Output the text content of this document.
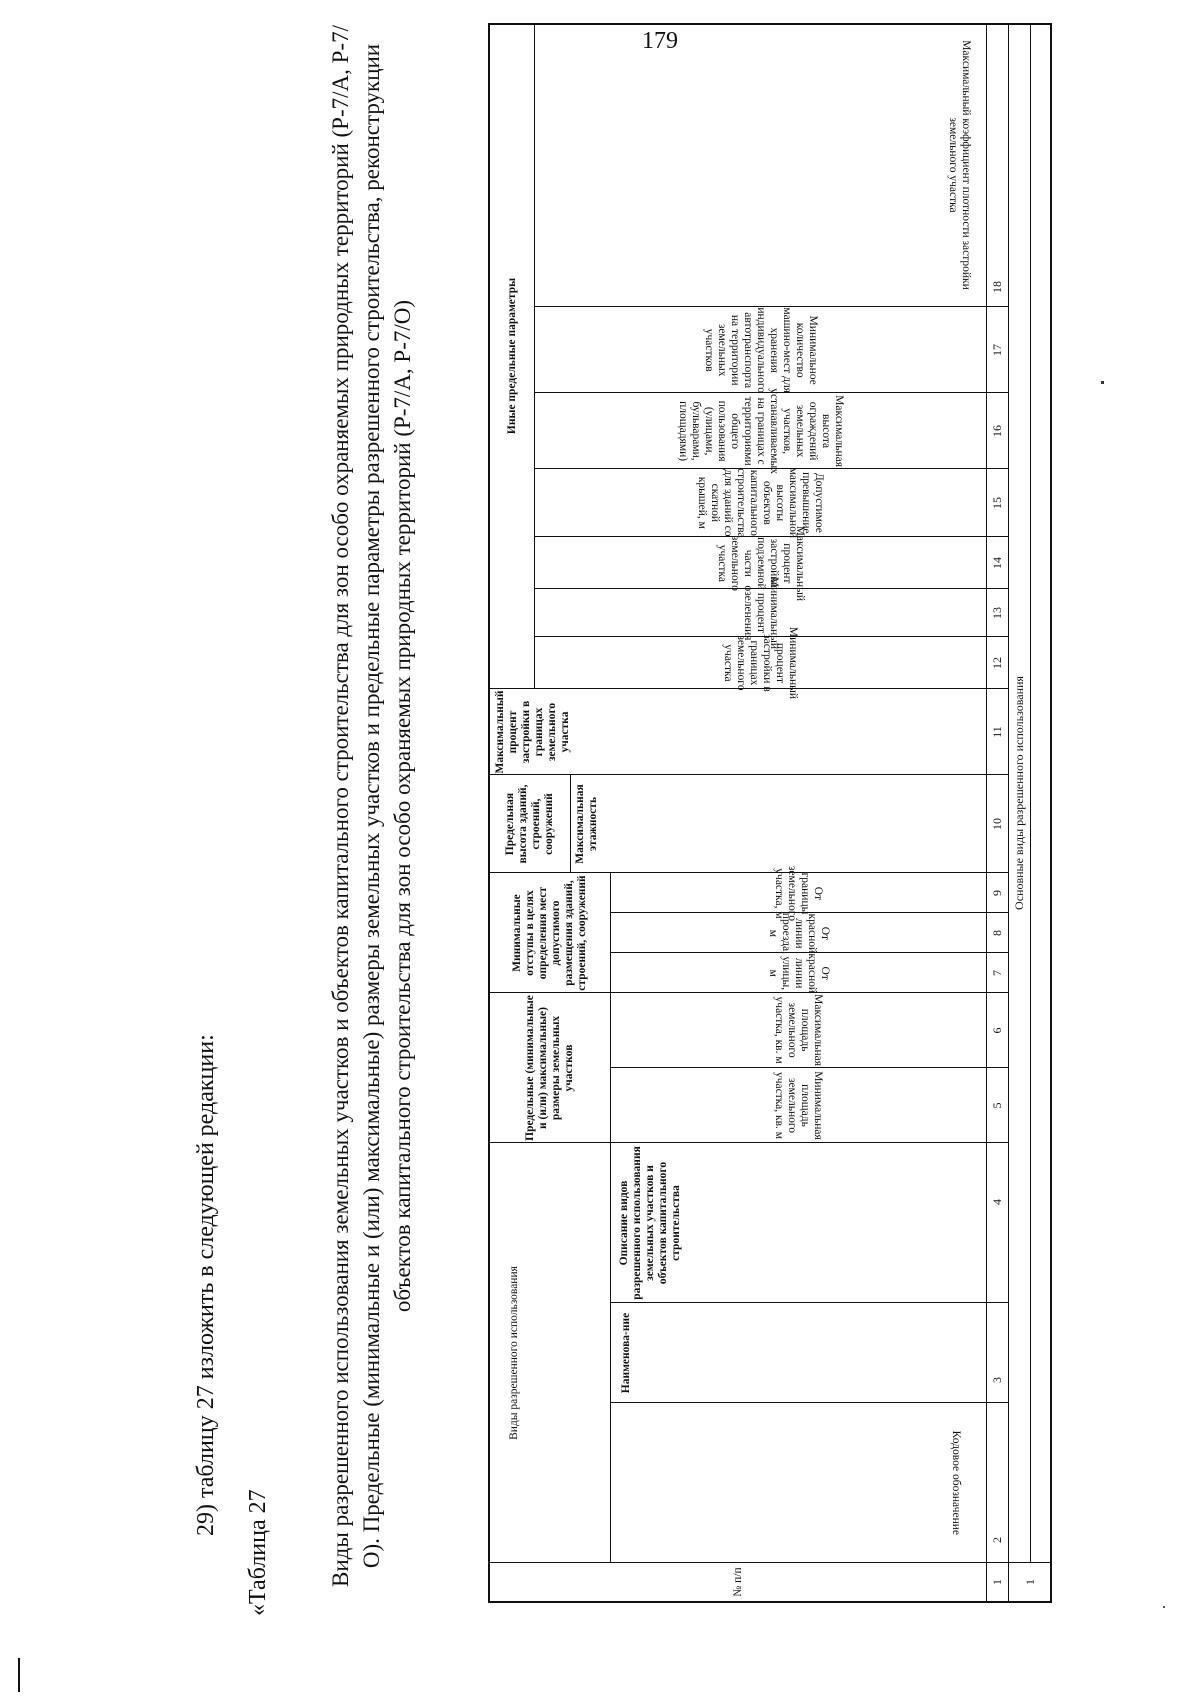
179
29) таблицу 27 изложить в следующей редакции:
«Таблица 27 Виды разрешенного использования земельных участков и объектов капитального строительства для зон особо охраняемых природных территорий (Р-7/А, Р-7/О). Предельные (минимальные и (или) максимальные) размеры земельных участков и предельные параметры разрешенного строительства, реконструкции объектов капитального строительства для зон особо охраняемых природных территорий (Р-7/А, Р-7/О)
№ п/п
Виды разрешенного использования
Кодовое обозначение
Наименова-ние
Описание видов разрешенного использования земельных участков и объектов капитального строительства
Предельные (минимальные и (или) максимальные) размеры земельных участков
Минимальная площадь земельного участка, кв. м
Максимальная площадь земельного участка, кв. м
Минимальные отступы в целях определения мест допустимого размещения зданий, строений, сооружений	От красной линии улицы, м
От красной линии проезда, м
От границы земельного участка, м
Предельная высота зданий, строений, сооружений	Максимальная этажность
Максимальный процент застройки в границах земельного участка
Иные предельные параметры
Минимальный процент застройки в границах земельного участка
Минимальный процент озеленения
Максимальный процент застройки подземной части земельного участка
Допустимое превышение максимальной высоты объектов капитального строительства для зданий со скатной крышей, м
Максимальная высота ограждений земельных участков, устанавливаемых на границах с территориями общего пользования (улицами, бульварами, площадями)
Минимальное количество машино-мест для хранения индивидуального автотранспорта на территории земельных участков
Максимальный коэффициент плотности застройки земельного участка
1
2
3
4
5
6
7
8
9
10
11
12
13
14
15
16
17
18
1
Основные виды разрешенного использования
